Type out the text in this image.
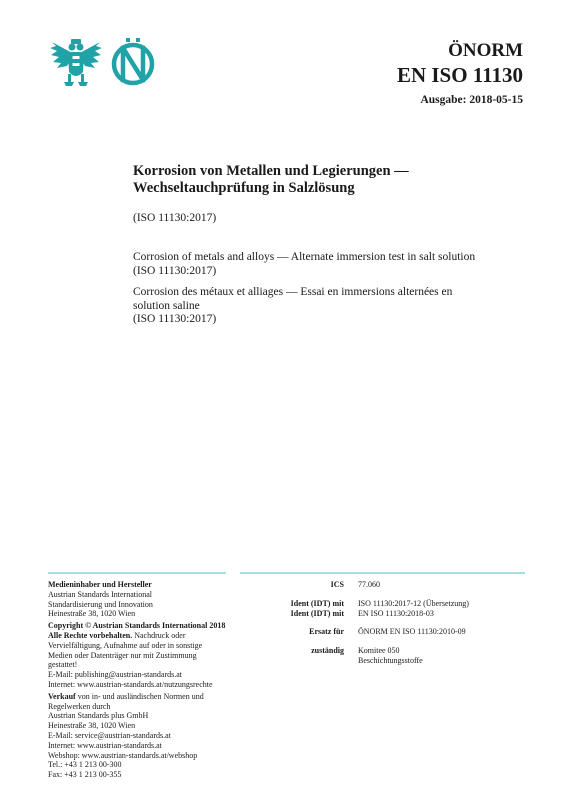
ÖNORM
EN ISO 11130
Ausgabe: 2018-05-15
Korrosion von Metallen und Legierungen —
Wechseltauchprüfung in Salzlösung
(ISO 11130:2017)
Corrosion of metals and alloys — Alternate immersion test in salt solution
(ISO 11130:2017)
Corrosion des métaux et alliages — Essai en immersions alternées en
solution saline
(ISO 11130:2017)
Medieninhaber und Hersteller
Austrian Standards International
Standardisierung und Innovation
Heinestraße 38, 1020 Wien
Copyright © Austrian Standards International 2018
Alle Rechte vorbehalten. Nachdruck oder
Vervielfältigung, Aufnahme auf oder in sonstige
Medien oder Datenträger nur mit Zustimmung
gestattet!
E-Mail: publishing@austrian-standards.at
Internet: www.austrian-standards.at/nutzungsrechte
Verkauf von in- und ausländischen Normen und
Regelwerken durch
Austrian Standards plus GmbH
Heinestraße 38, 1020 Wien
E-Mail: service@austrian-standards.at
Internet: www.austrian-standards.at
Webshop: www.austrian-standards.at/webshop
Tel.: +43 1 213 00-300
Fax: +43 1 213 00-355
ICS	77.060
Ident (IDT) mit	ISO 11130:2017-12 (Übersetzung)
Ident (IDT) mit	EN ISO 11130:2018-03
Ersatz für	ÖNORM EN ISO 11130:2010-09
zuständig	Komitee 050
Beschichtungsstoffe
